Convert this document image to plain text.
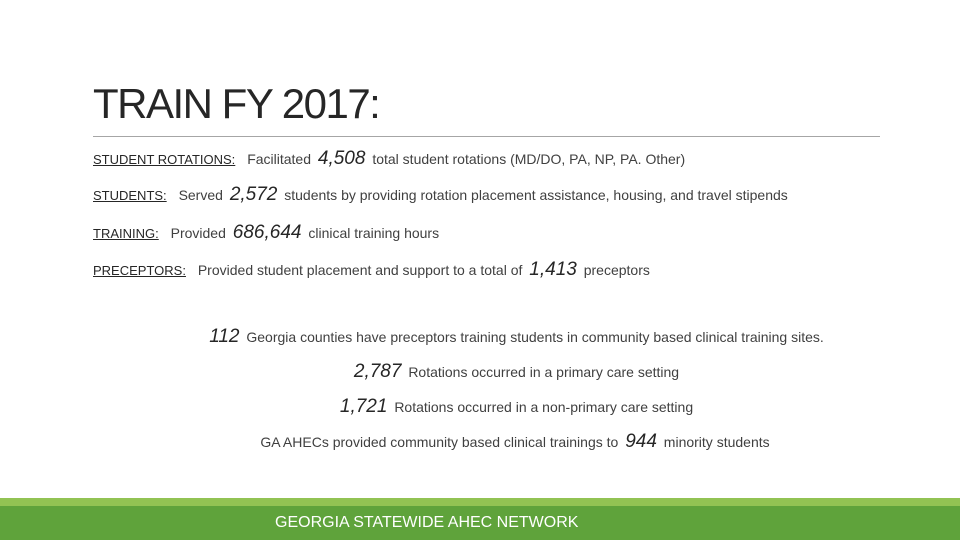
TRAIN FY 2017:
STUDENT ROTATIONS: Facilitated 4,508 total student rotations (MD/DO, PA, NP, PA. Other)
STUDENTS: Served 2,572 students by providing rotation placement assistance, housing, and travel stipends
TRAINING: Provided 686,644 clinical training hours
PRECEPTORS: Provided student placement and support to a total of 1,413 preceptors
112 Georgia counties have preceptors training students in community based clinical training sites.
2,787 Rotations occurred in a primary care setting
1,721 Rotations occurred in a non-primary care setting
GA AHECs provided community based clinical trainings to 944 minority students
GEORGIA STATEWIDE AHEC NETWORK
